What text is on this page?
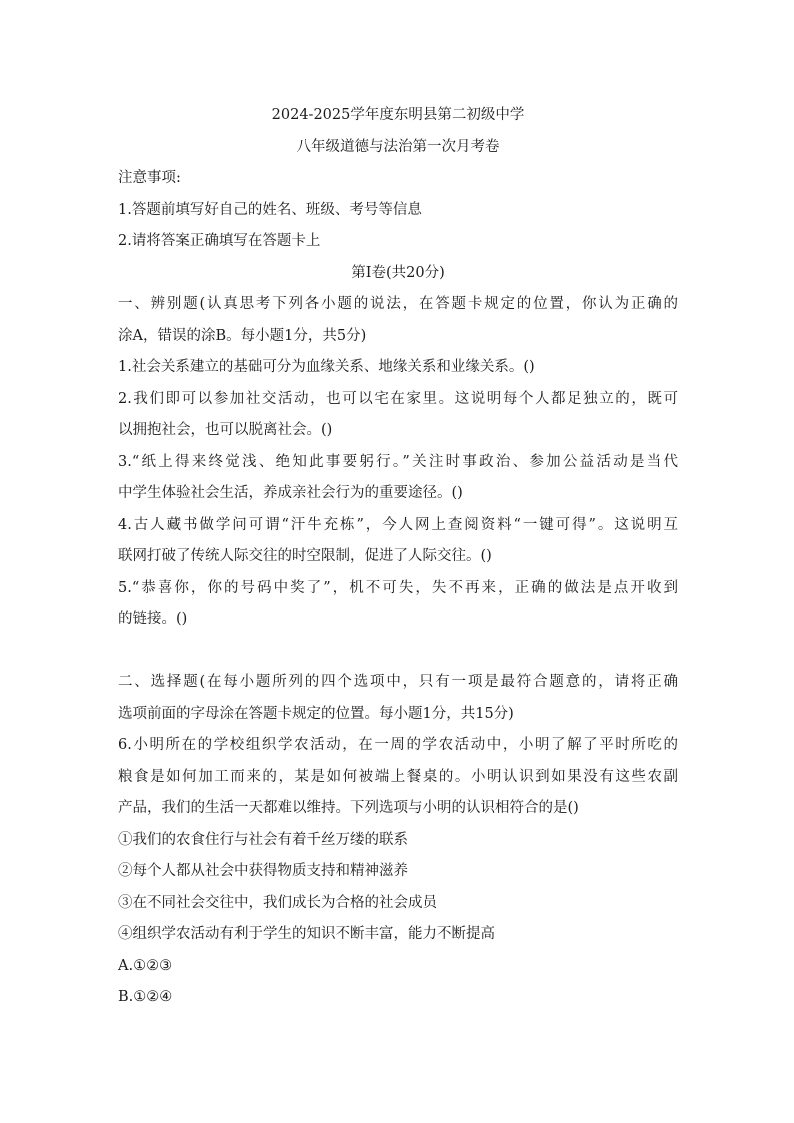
2024-2025学年度东明县第二初级中学
八年级道德与法治第一次月考卷
注意事项:
1.答题前填写好自己的姓名、班级、考号等信息
2.请将答案正确填写在答题卡上
第I卷(共20分)
一、辨别题(认真思考下列各小题的说法，在答题卡规定的位置，你认为正确的
涂A，错误的涂B。每小题1分，共5分)
1.社会关系建立的基础可分为血缘关系、地缘关系和业缘关系。()
2.我们即可以参加社交活动，也可以宅在家里。这说明每个人都足独立的，既可
以拥抱社会，也可以脱离社会。()
3.“纸上得来终觉浅、绝知此事要躬行。”关注时事政治、参加公益活动是当代
中学生体验社会生活，养成亲社会行为的重要途径。()
4.古人藏书做学问可谓“汗牛充栋”，今人网上查阅资料“一键可得”。这说明互
联网打破了传统人际交往的时空限制，促进了人际交往。()
5.“恭喜你，你的号码中奖了”，机不可失，失不再来，正确的做法是点开收到
的链接。()
二、选择题(在每小题所列的四个选项中，只有一项是最符合题意的，请将正确
选项前面的字母涂在答题卡规定的位置。每小题1分，共15分)
6.小明所在的学校组织学农活动，在一周的学农活动中，小明了解了平时所吃的
粮食是如何加工而来的，某是如何被端上餐桌的。小明认识到如果没有这些农副
产品，我们的生活一天都难以维持。下列选项与小明的认识相符合的是()
①我们的农食住行与社会有着千丝万缕的联系
②每个人都从社会中获得物质支持和精神滋养
③在不同社会交往中，我们成长为合格的社会成员
④组织学农活动有利于学生的知识不断丰富，能力不断提高
A.①②③
B.①②④
